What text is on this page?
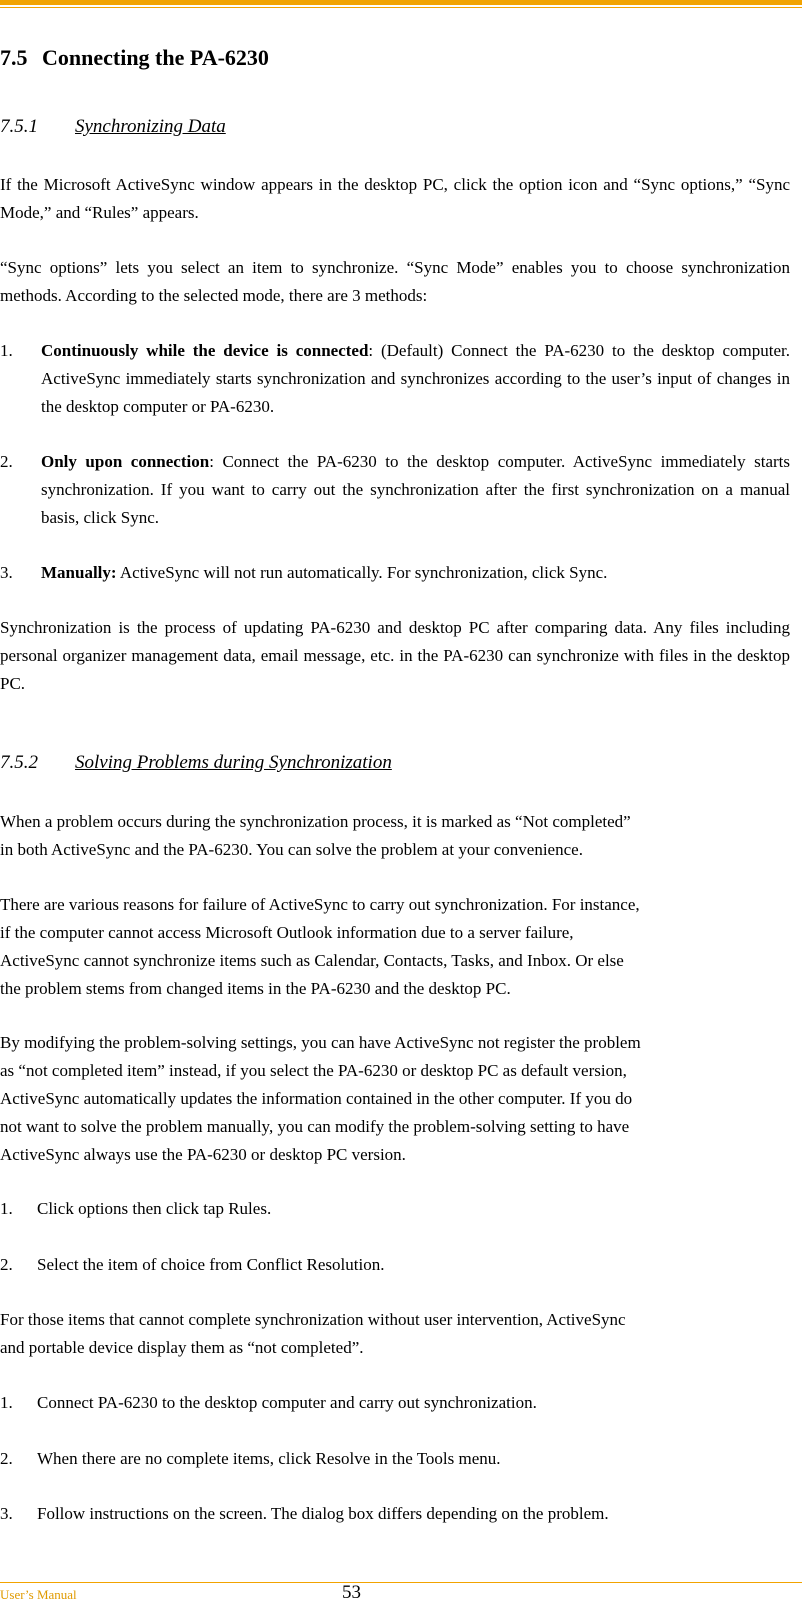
7.5 Connecting the PA-6230
7.5.1 Synchronizing Data

If the Microsoft ActiveSync window appears in the desktop PC, click the option icon and “Sync options,” “Sync Mode,” and “Rules” appears.

“Sync options” lets you select an item to synchronize. “Sync Mode” enables you to choose synchronization methods. According to the selected mode, there are 3 methods:

1.	Continuously while the device is connected: (Default) Connect the PA-6230 to the desktop computer. ActiveSync immediately starts synchronization and synchronizes according to the user’s input of changes in the desktop computer or PA-6230.
2.	Only upon connection: Connect the PA-6230 to the desktop computer. ActiveSync immediately starts synchronization. If you want to carry out the synchronization after the first synchronization on a manual basis, click Sync.
3.	Manually: ActiveSync will not run automatically. For synchronization, click Sync.

Synchronization is the process of updating PA-6230 and desktop PC after comparing data. Any files including personal organizer management data, email message, etc. in the PA-6230 can synchronize with files in the desktop PC.

7.5.2 Solving Problems during Synchronization
When a problem occurs during the synchronization process, it is marked as “Not completed”
in both ActiveSync and the PA-6230. You can solve the problem at your convenience.
There are various reasons for failure of ActiveSync to carry out synchronization. For instance,
if the computer cannot access Microsoft Outlook information due to a server failure,
ActiveSync cannot synchronize items such as Calendar, Contacts, Tasks, and Inbox. Or else
the problem stems from changed items in the PA-6230 and the desktop PC.
By modifying the problem-solving settings, you can have ActiveSync not register the problem
as “not completed item” instead, if you select the PA-6230 or desktop PC as default version,
ActiveSync automatically updates the information contained in the other computer. If you do
not want to solve the problem manually, you can modify the problem-solving setting to have
ActiveSync always use the PA-6230 or desktop PC version.
1.	Click options then click tap Rules.
2.	Select the item of choice from Conflict Resolution.
For those items that cannot complete synchronization without user intervention, ActiveSync
and portable device display them as “not completed”.
1.	Connect PA-6230 to the desktop computer and carry out synchronization.
2.	When there are no complete items, click Resolve in the Tools menu.
3.	Follow instructions on the screen. The dialog box differs depending on the problem.
User’s Manual	53
